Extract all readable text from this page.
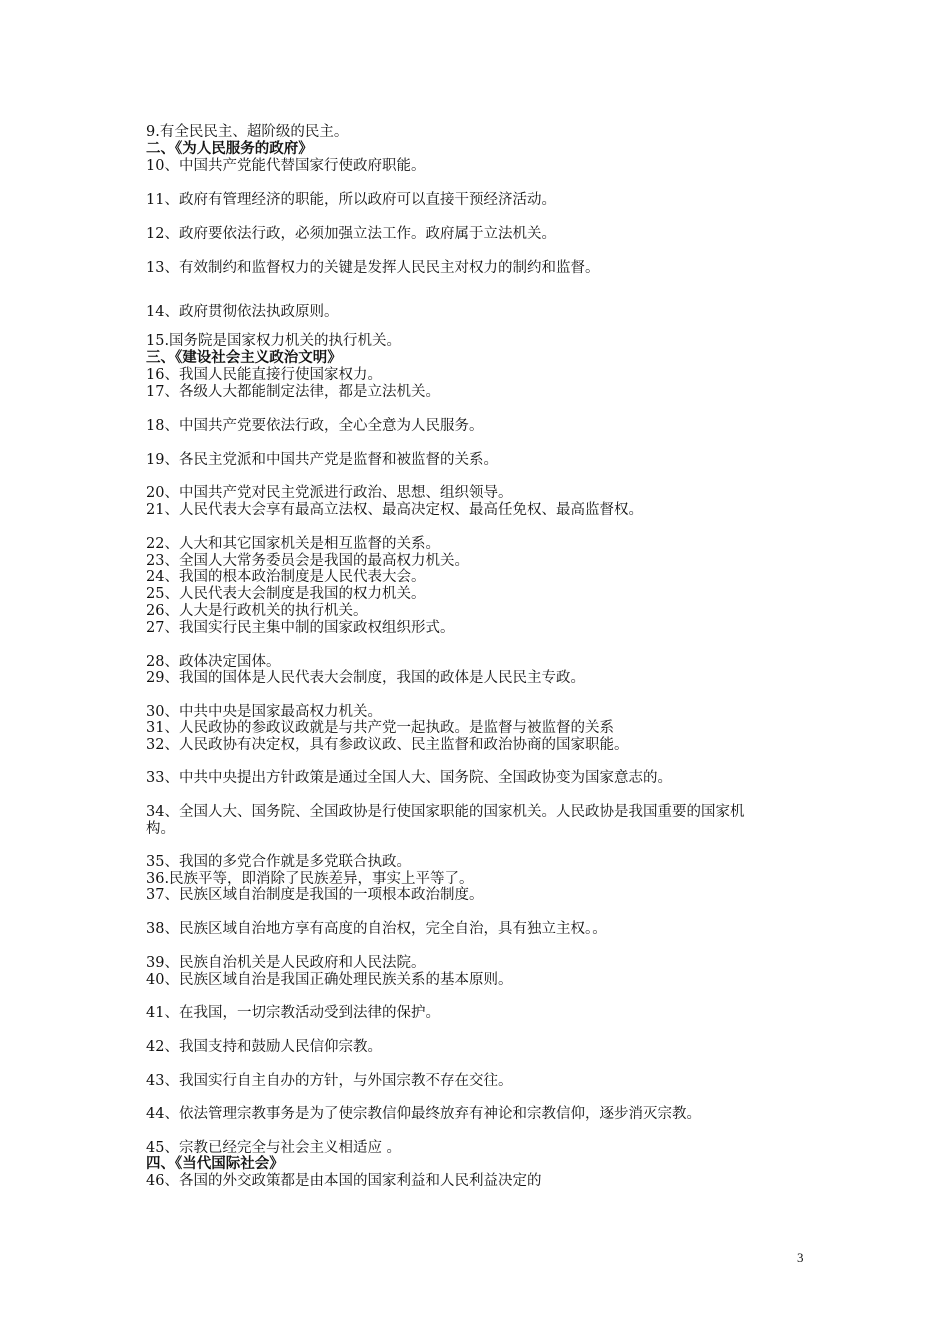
9.有全民民主、超阶级的民主。
二、《为人民服务的政府》
10、中国共产党能代替国家行使政府职能。
11、政府有管理经济的职能，所以政府可以直接干预经济活动。
12、政府要依法行政，必须加强立法工作。政府属于立法机关。
13、有效制约和监督权力的关键是发挥人民民主对权力的制约和监督。
14、政府贯彻依法执政原则。
15.国务院是国家权力机关的执行机关。
三、《建设社会主义政治文明》
16、我国人民能直接行使国家权力。
17、各级人大都能制定法律，都是立法机关。
18、中国共产党要依法行政，全心全意为人民服务。
19、各民主党派和中国共产党是监督和被监督的关系。
20、中国共产党对民主党派进行政治、思想、组织领导。
21、人民代表大会享有最高立法权、最高决定权、最高任免权、最高监督权。
22、人大和其它国家机关是相互监督的关系。
23、全国人大常务委员会是我国的最高权力机关。
24、我国的根本政治制度是人民代表大会。
25、人民代表大会制度是我国的权力机关。
26、人大是行政机关的执行机关。
27、我国实行民主集中制的国家政权组织形式。
28、政体决定国体。
29、我国的国体是人民代表大会制度，我国的政体是人民民主专政。
30、中共中央是国家最高权力机关。
31、人民政协的参政议政就是与共产党一起执政。是监督与被监督的关系
32、人民政协有决定权，具有参政议政、民主监督和政治协商的国家职能。
33、中共中央提出方针政策是通过全国人大、国务院、全国政协变为国家意志的。
34、全国人大、国务院、全国政协是行使国家职能的国家机关。人民政协是我国重要的国家机
构。
35、我国的多党合作就是多党联合执政。
36.民族平等，即消除了民族差异，事实上平等了。
37、民族区域自治制度是我国的一项根本政治制度。
38、民族区域自治地方享有高度的自治权，完全自治，具有独立主权。。
39、民族自治机关是人民政府和人民法院。
40、民族区域自治是我国正确处理民族关系的基本原则。
41、在我国，一切宗教活动受到法律的保护。
42、我国支持和鼓励人民信仰宗教。
43、我国实行自主自办的方针，与外国宗教不存在交往。
44、依法管理宗教事务是为了使宗教信仰最终放弃有神论和宗教信仰，逐步消灭宗教。
45、宗教已经完全与社会主义相适应 。
四、《当代国际社会》
46、各国的外交政策都是由本国的国家利益和人民利益决定的
3
